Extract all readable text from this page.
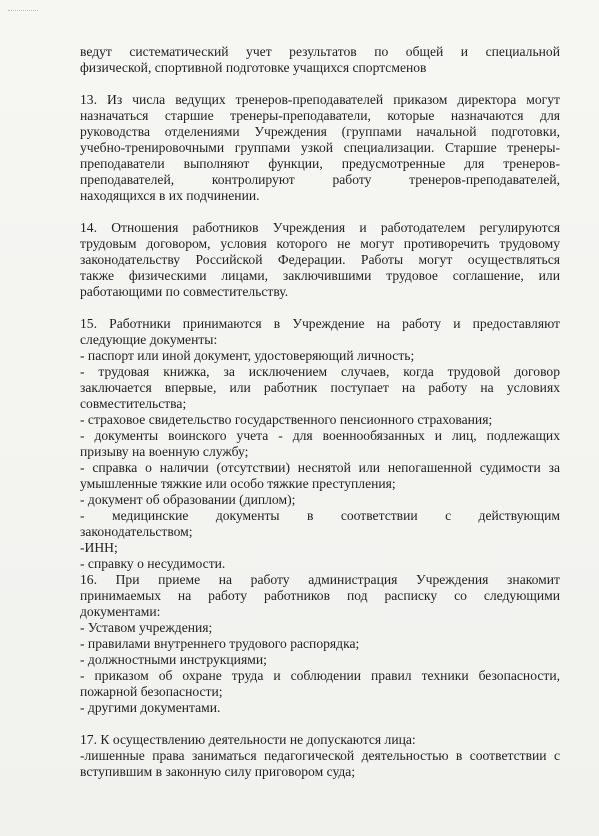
ведут систематический учет результатов по общей и специальной
физической, спортивной подготовке учащихся спортсменов
13. Из числа ведущих тренеров-преподавателей приказом директора могут
назначаться старшие тренеры-преподаватели, которые назначаются для
руководства отделениями Учреждения (группами начальной подготовки,
учебно-тренировочными группами узкой специализации. Старшие тренеры-
преподаватели выполняют функции, предусмотренные для тренеров-
преподавателей, контролируют работу тренеров-преподавателей,
находящихся в их подчинении.
14. Отношения работников Учреждения и работодателем регулируются
трудовым договором, условия которого не могут противоречить трудовому
законодательству Российской Федерации. Работы могут осуществляться
также физическими лицами, заключившими трудовое соглашение, или
работающими по совместительству.
15. Работники принимаются в Учреждение на работу и предоставляют
следующие документы:
- паспорт или иной документ, удостоверяющий личность;
- трудовая книжка, за исключением случаев, когда трудовой договор
заключается впервые, или работник поступает на работу на условиях
совместительства;
- страховое свидетельство государственного пенсионного страхования;
- документы воинского учета - для военнообязанных и лиц, подлежащих
призыву на военную службу;
- справка о наличии (отсутствии) неснятой или непогашенной судимости за
умышленные тяжкие или особо тяжкие преступления;
- документ об образовании (диплом);
- медицинские документы в соответствии с действующим
законодательством;
-ИНН;
- справку о несудимости.
16. При приеме на работу администрация Учреждения знакомит
принимаемых на работу работников под расписку со следующими
документами:
- Уставом учреждения;
- правилами внутреннего трудового распорядка;
- должностными инструкциями;
- приказом об охране труда и соблюдении правил техники безопасности,
пожарной безопасности;
- другими документами.
17. К осуществлению деятельности не допускаются лица:
-лишенные права заниматься педагогической деятельностью в соответствии с
вступившим в законную силу приговором суда;
